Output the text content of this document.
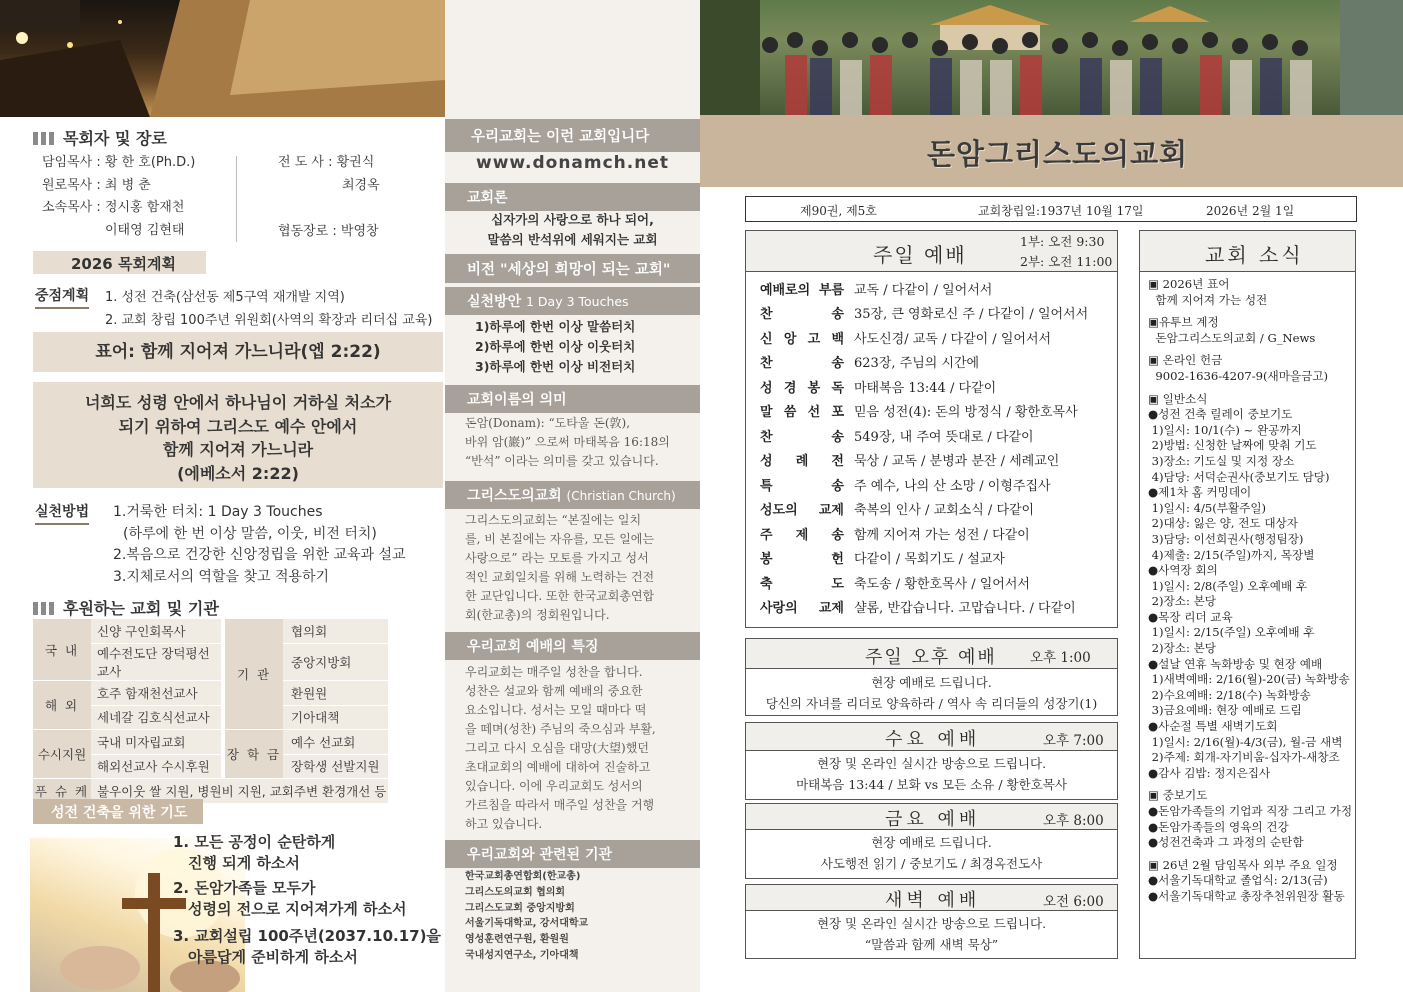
목회자 및 장로
담임목사 : 황 한 호(Ph.D.)
원로목사 : 최 병 춘
소속목사 : 정시홍 함재천
이태영 김현태
전 도 사 : 황권식
최경옥
협동장로 : 박영창
2026 목회계획
중점계획 1. 성전 건축(삼선동 제5구역 재개발 지역)
2. 교회 창립 100주년 위원회(사역의 확장과 리더십 교육)
표어: 함께 지어져 가느니라(엡 2:22)
너희도 성령 안에서 하나님이 거하실 처소가
되기 위하여 그리스도 예수 안에서
함께 지어져 가느니라
(에베소서 2:22)
실천방법 1.거룩한 터치: 1 Day 3 Touches
(하루에 한 번 이상 말씀, 이웃, 비전 터치)
2.복음으로 건강한 신앙정립을 위한 교육과 설교
3.지체로서의 역할을 찾고 적용하기
후원하는 교회 및 기관
국 내	신양 구인회목사		기 관	협의회
	예수전도단 장덕평선교사			중앙지방회
해 외	호주 함재천선교사			환원원
	세네갈 김호식선교사			기아대책
수시지원	국내 미자립교회		장 학 금	예수 선교회
	해외선교사 수시후원			장학생 선발지원
푸 슈 케	불우이웃 쌀 지원, 병원비 지원, 교회주변 환경개선 등			
성전 건축을 위한 기도
1. 모든 공정이 순탄하게
진행 되게 하소서
2. 돈암가족들 모두가
성령의 전으로 지어져가게 하소서
3. 교회설립 100주년(2037.10.17)을
아름답게 준비하게 하소서
우리교회는 이런 교회입니다
www.donamch.net
교회론
십자가의 사랑으로 하나 되어,
말씀의 반석위에 세워지는 교회
비전 "세상의 희망이 되는 교회"
실천방안 1 Day 3 Touches
1)하루에 한번 이상 말씀터치
2)하루에 한번 이상 이웃터치
3)하루에 한번 이상 비전터치
교회이름의 의미
돈암(Donam): “도타울 돈(敦),
바위 암(巖)” 으로써 마태복음 16:18의
“반석” 이라는 의미를 갖고 있습니다.
그리스도의교회 (Christian Church)
그리스도의교회는 “본질에는 일치
를, 비 본질에는 자유를, 모든 일에는
사랑으로” 라는 모토를 가지고 성서
적인 교회일치를 위해 노력하는 건전
한 교단입니다. 또한 한국교회총연합
회(한교총)의 정회원입니다.
우리교회 예배의 특징
우리교회는 매주일 성찬을 합니다.
성찬은 설교와 함께 예배의 중요한
요소입니다. 성서는 모일 때마다 떡
을 떼며(성찬) 주님의 죽으심과 부활,
그리고 다시 오심을 대망(大望)했던
초대교회의 예배에 대하여 진술하고
있습니다. 이에 우리교회도 성서의
가르침을 따라서 매주일 성찬을 거행
하고 있습니다.
우리교회와 관련된 기관
한국교회총연합회(한교총)
그리스도의교회 협의회
그리스도교회 중앙지방회
서울기독대학교, 강서대학교
영성훈련연구원, 환원원
국내성지연구소, 기아대책
돈암그리스도의교회
제90권, 제5호	교회창립일:1937년 10월 17일	2026년 2월 1일
주일 예배
1부: 오전 9:30
2부: 오전 11:00
예배로의 부름	교독 / 다같이 / 일어서서
찬 송	35장, 큰 영화로신 주 / 다같이 / 일어서서
신 앙 고 백	사도신경/ 교독 / 다같이 / 일어서서
찬 송	623장, 주님의 시간에
성 경 봉 독	마태복음 13:44 / 다같이
말 씀 선 포	믿음 성전(4): 돈의 방정식 / 황한호목사
찬 송	549장, 내 주여 뜻대로 / 다같이
성 례 전	묵상 / 교독 / 분병과 분잔 / 세례교인
특 송	주 예수, 나의 산 소망 / 이형주집사
성도의 교제	축복의 인사 / 교회소식 / 다같이
주 제 송	함께 지어져 가는 성전 / 다같이
봉 헌	다같이 / 목회기도 / 설교자
축 도	축도송 / 황한호목사 / 일어서서
사랑의 교제	샬롬, 반갑습니다. 고맙습니다. / 다같이
주일 오후 예배 오후 1:00
현장 예배로 드립니다.
당신의 자녀를 리더로 양육하라 / 역사 속 리더들의 성장기(1)
수요 예배	오후 7:00
현장 및 온라인 실시간 방송으로 드립니다.
마태복음 13:44 / 보화 vs 모든 소유 / 황한호목사
금요 예배	오후 8:00
현장 예배로 드립니다.
사도행전 읽기 / 중보기도 / 최경옥전도사
새벽 예배	오전 6:00
현장 및 온라인 실시간 방송으로 드립니다.
“말씀과 함께 새벽 묵상”
교회 소식
▣ 2026년 표어
함께 지어져 가는 성전
▣유투브 계정
돈암그리스도의교회 / G_News
▣ 온라인 헌금
9002-1636-4207-9(새마을금고)
▣ 일반소식
●성전 건축 릴레이 중보기도
1)일시: 10/1(수) ~ 완공까지
2)방법: 신청한 날짜에 맞춰 기도
3)장소: 기도실 및 지정 장소
4)담당: 서덕순권사(중보기도 담당)
●제1차 홈 커밍데이
1)일시: 4/5(부활주일)
2)대상: 잃은 양, 전도 대상자
3)담당: 이선희권사(행정팀장)
4)제출: 2/15(주일)까지, 목장별
●사역장 회의
1)일시: 2/8(주일) 오후예배 후
2)장소: 본당
●목장 리더 교육
1)일시: 2/15(주일) 오후예배 후
2)장소: 본당
●설날 연휴 녹화방송 및 현장 예배
1)새벽예배: 2/16(월)-20(금) 녹화방송
2)수요예배: 2/18(수) 녹화방송
3)금요예배: 현장 예배로 드림
●사순절 특별 새벽기도회
1)일시: 2/16(월)-4/3(금), 월-금 새벽
2)주제: 회개-자기비움-십자가-새창조
●감사 김밥: 정지은집사
▣ 중보기도
●돈암가족들의 기업과 직장 그리고 가정
●돈암가족들의 영육의 건강
●성전건축과 그 과정의 순탄함
▣ 26년 2월 담임목사 외부 주요 일정
●서울기독대학교 졸업식: 2/13(금)
●서울기독대학교 총장추천위원장 활동
